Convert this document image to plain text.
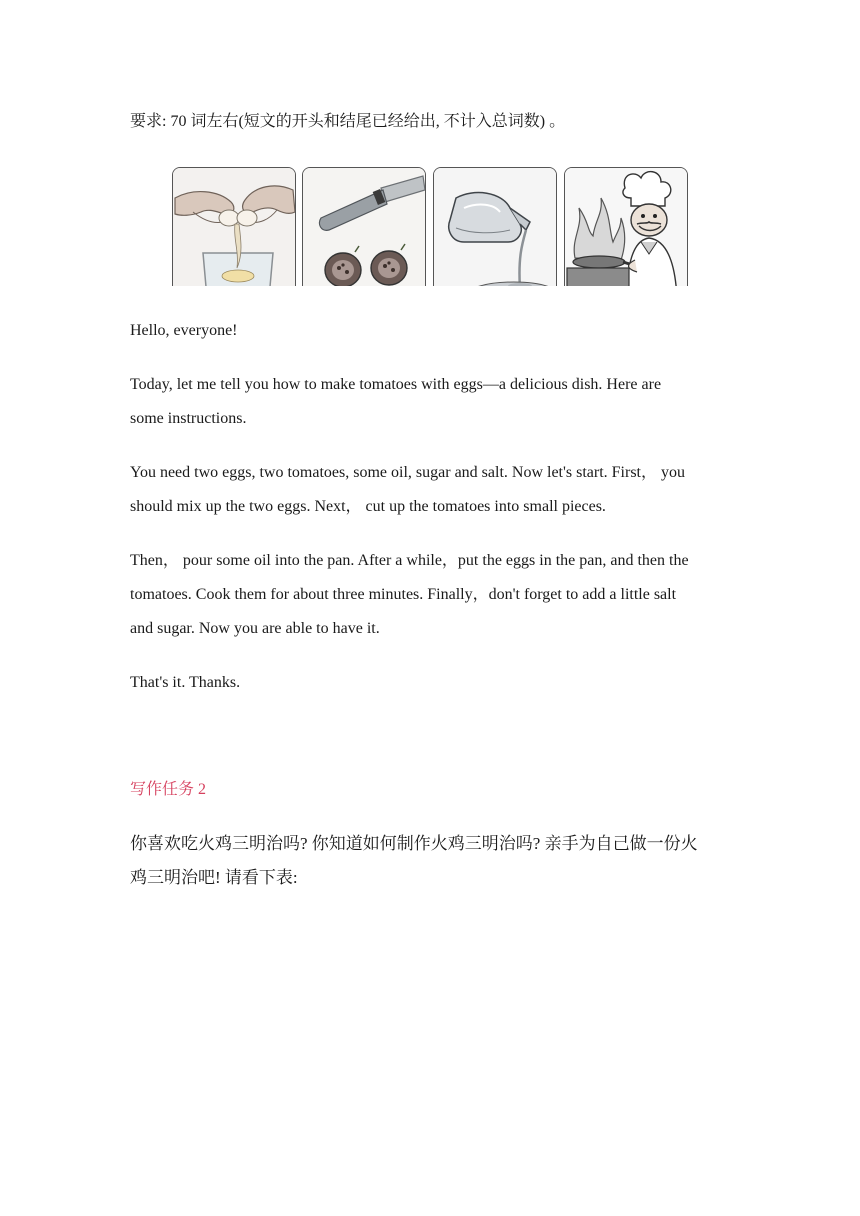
要求: 70 词左右(短文的开头和结尾已经给出, 不计入总词数) 。
Hello, everyone!
Today, let me tell you how to make tomatoes with eggs—a delicious dish. Here are
some instructions.
You need two eggs, two tomatoes, some oil, sugar and salt. Now let's start. First， you
should mix up the two eggs. Next， cut up the tomatoes into small pieces.
Then， pour some oil into the pan. After a while，put the eggs in the pan, and then the
tomatoes. Cook them for about three minutes. Finally，don't forget to add a little salt
and sugar. Now you are able to have it.
That's it. Thanks.
写作任务 2
你喜欢吃火鸡三明治吗? 你知道如何制作火鸡三明治吗? 亲手为自己做一份火
鸡三明治吧! 请看下表:
